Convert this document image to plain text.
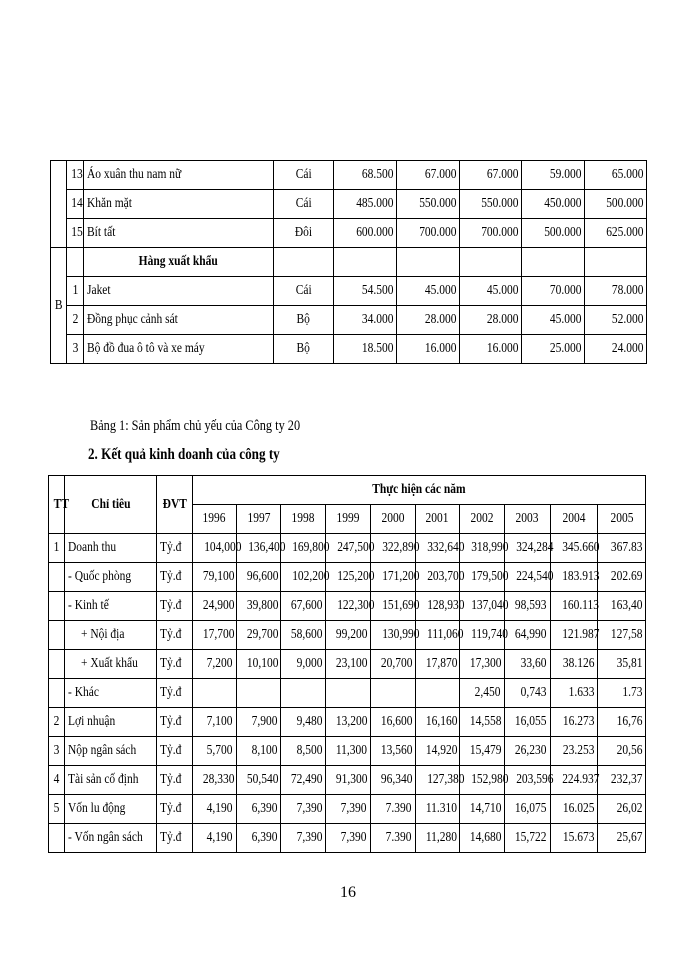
	13	Áo xuân thu nam nữ	Cái	68.500	67.000	67.000	59.000	65.000
	14	Khăn mặt	Cái	485.000	550.000	550.000	450.000	500.000
	15	Bít tất	Đôi	600.000	700.000	700.000	500.000	625.000
B		Hàng xuất khẩu						
	1	Jaket	Cái	54.500	45.000	45.000	70.000	78.000
	2	Đồng phục cảnh sát	Bộ	34.000	28.000	28.000	45.000	52.000
	3	Bộ đồ đua ô tô và xe máy	Bộ	18.500	16.000	16.000	25.000	24.000
Bảng 1: Sản phẩm chủ yếu của Công ty 20
2. Kết quả kinh doanh của công ty
TT	Chỉ tiêu	ĐVT	Thực hiện các năm									
			1996	1997	1998	1999	2000	2001	2002	2003	2004	2005
1	Doanh thu	Tỷ.đ	104,000	136,400	169,800	247,500	322,890	332,640	318,990	324,284	345.660	367.83
	- Quốc phòng	Tỷ.đ	79,100	96,600	102,200	125,200	171,200	203,700	179,500	224,540	183.913	202.69
	- Kinh tế	Tỷ.đ	24,900	39,800	67,600	122,300	151,690	128,930	137,040	98,593	160.113	163,40
	+ Nội địa	Tỷ.đ	17,700	29,700	58,600	99,200	130,990	111,060	119,740	64,990	121.987	127,58
	+ Xuất khẩu	Tỷ.đ	7,200	10,100	9,000	23,100	20,700	17,870	17,300	33,60	38.126	35,81
	- Khác	Tỷ.đ							2,450	0,743	1.633	1.73
2	Lợi nhuận	Tỷ.đ	7,100	7,900	9,480	13,200	16,600	16,160	14,558	16,055	16.273	16,76
3	Nộp ngân sách	Tỷ.đ	5,700	8,100	8,500	11,300	13,560	14,920	15,479	26,230	23.253	20,56
4	Tài sản cố định	Tỷ.đ	28,330	50,540	72,490	91,300	96,340	127,380	152,980	203,596	224.937	232,37
5	Vốn lu động	Tỷ.đ	4,190	6,390	7,390	7,390	7.390	11.310	14,710	16,075	16.025	26,02
	- Vốn ngân sách	Tỷ.đ	4,190	6,390	7,390	7,390	7.390	11,280	14,680	15,722	15.673	25,67
16
